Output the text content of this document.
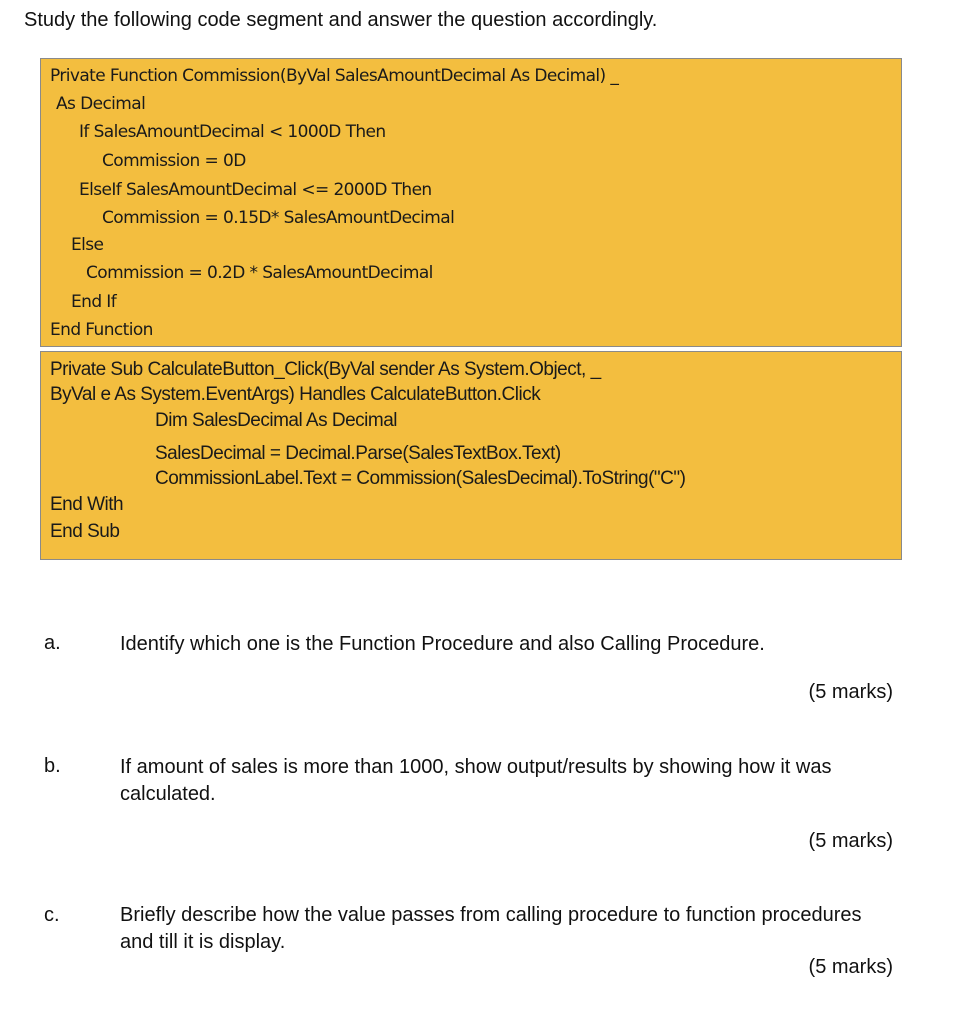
Study the following code segment and answer the question accordingly.
Private Function Commission(ByVal SalesAmountDecimal As Decimal) _
As Decimal
If SalesAmountDecimal < 1000D Then
Commission = 0D
ElseIf SalesAmountDecimal <= 2000D Then
Commission = 0.15D* SalesAmountDecimal
Else
Commission = 0.2D * SalesAmountDecimal
End If
End Function
Private Sub CalculateButton_Click(ByVal sender As System.Object, _
ByVal e As System.EventArgs) Handles CalculateButton.Click
Dim SalesDecimal As Decimal
SalesDecimal = Decimal.Parse(SalesTextBox.Text)
CommissionLabel.Text = Commission(SalesDecimal).ToString("C")
End With
End Sub
a.	Identify which one is the Function Procedure and also Calling Procedure.
(5 marks)
b.	If amount of sales is more than 1000, show output/results by showing how it was calculated.
(5 marks)
c.	Briefly describe how the value passes from calling procedure to function procedures and till it is display.
(5 marks)
